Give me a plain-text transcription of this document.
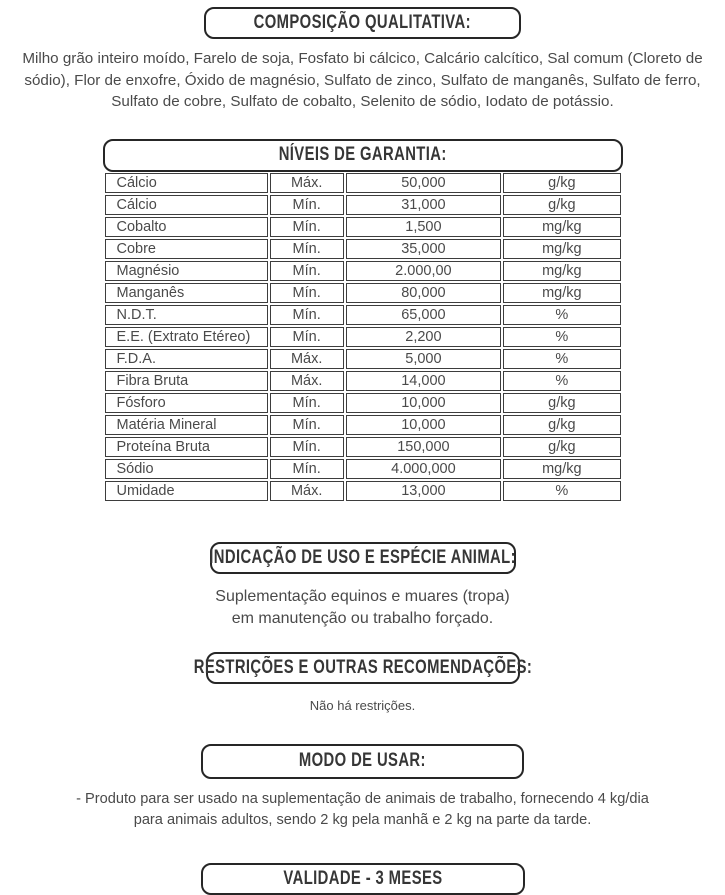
COMPOSIÇÃO QUALITATIVA:

Milho grão inteiro moído, Farelo de soja, Fosfato bi cálcico, Calcário calcítico, Sal comum (Cloreto de sódio), Flor de enxofre, Óxido de magnésio, Sulfato de zinco, Sulfato de manganês, Sulfato de ferro, Sulfato de cobre, Sulfato de cobalto, Selenito de sódio, Iodato de potássio.

NÍVEIS DE GARANTIA:
Cálcio	Máx.	50,000	g/kg
Cálcio	Mín.	31,000	g/kg
Cobalto	Mín.	1,500	mg/kg
Cobre	Mín.	35,000	mg/kg
Magnésio	Mín.	2.000,00	mg/kg
Manganês	Mín.	80,000	mg/kg
N.D.T.	Mín.	65,000	%
E.E. (Extrato Etéreo)	Mín.	2,200	%
F.D.A.	Máx.	5,000	%
Fibra Bruta	Máx.	14,000	%
Fósforo	Mín.	10,000	g/kg
Matéria Mineral	Mín.	10,000	g/kg
Proteína Bruta	Mín.	150,000	g/kg
Sódio	Mín.	4.000,000	mg/kg
Umidade	Máx.	13,000	%
INDICAÇÃO DE USO E ESPÉCIE ANIMAL:
Suplementação equinos e muares (tropa)
em manutenção ou trabalho forçado.
RESTRIÇÕES E OUTRAS RECOMENDAÇÕES:
Não há restrições.
MODO DE USAR:
- Produto para ser usado na suplementação de animais de trabalho, fornecendo 4 kg/dia
para animais adultos, sendo 2 kg pela manhã e 2 kg na parte da tarde.
VALIDADE - 3 MESES
